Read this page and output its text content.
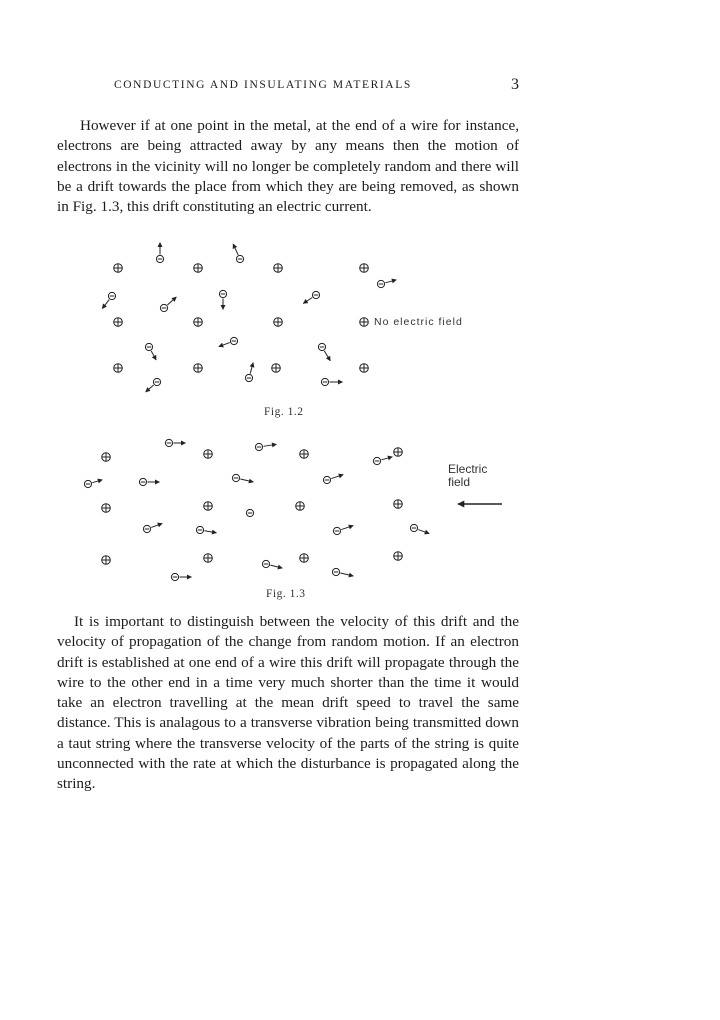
CONDUCTING AND INSULATING MATERIALS	3

However if at one point in the metal, at the end of a wire for instance, electrons are being attracted away by any means then the motion of electrons in the vicinity will no longer be completely random and there will be a drift towards the place from which they are being removed, as shown in Fig. 1.3, this drift constituting an electric current.

No electric field
Fig. 1.2
Electric
field
Fig. 1.3

It is important to distinguish between the velocity of this drift and the velocity of propagation of the change from random motion. If an electron drift is established at one end of a wire this drift will propagate through the wire to the other end in a time very much shorter than the time it would take an electron travelling at the mean drift speed to travel the same distance. This is analagous to a transverse vibration being transmitted down a taut string where the transverse velocity of the parts of the string is quite unconnected with the rate at which the disturbance is propagated along the string.
